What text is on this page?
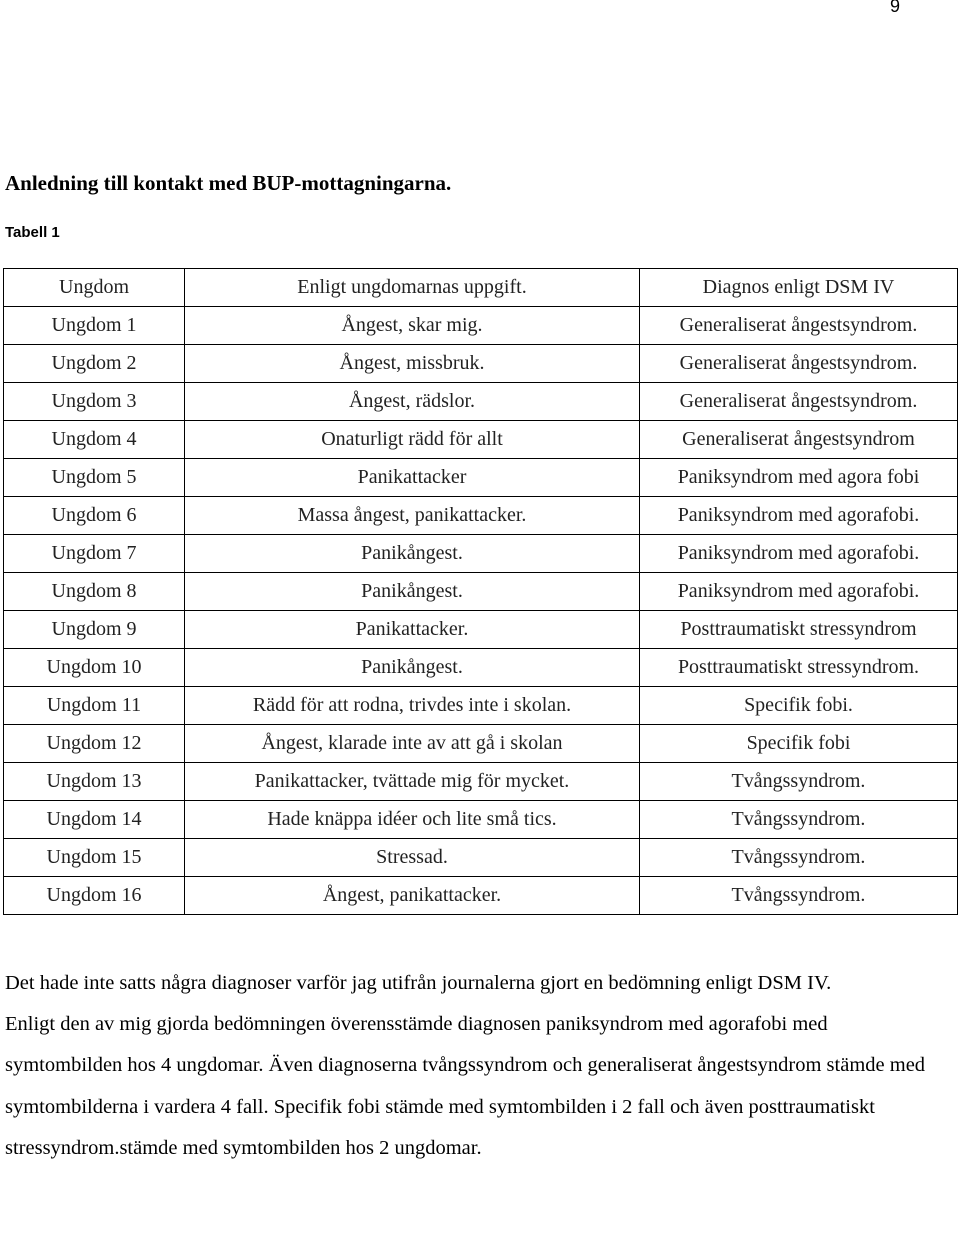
9
Anledning till kontakt med BUP-mottagningarna.
Tabell 1
Ungdom	Enligt ungdomarnas uppgift.	Diagnos enligt DSM IV
Ungdom 1	Ångest, skar mig.	Generaliserat ångestsyndrom.
Ungdom 2	Ångest, missbruk.	Generaliserat ångestsyndrom.
Ungdom 3	Ångest, rädslor.	Generaliserat ångestsyndrom.
Ungdom 4	Onaturligt rädd för allt	Generaliserat ångestsyndrom
Ungdom 5	Panikattacker	Paniksyndrom med agora fobi
Ungdom 6	Massa ångest, panikattacker.	Paniksyndrom med agorafobi.
Ungdom 7	Panikångest.	Paniksyndrom med agorafobi.
Ungdom 8	Panikångest.	Paniksyndrom med agorafobi.
Ungdom 9	Panikattacker.	Posttraumatiskt stressyndrom
Ungdom 10	Panikångest.	Posttraumatiskt stressyndrom.
Ungdom 11	Rädd för att rodna, trivdes inte i skolan.	Specifik fobi.
Ungdom 12	Ångest, klarade inte av att gå i skolan	Specifik fobi
Ungdom 13	Panikattacker, tvättade mig för mycket.	Tvångssyndrom.
Ungdom 14	Hade knäppa idéer och lite små tics.	Tvångssyndrom.
Ungdom 15	Stressad.	Tvångssyndrom.
Ungdom 16	Ångest, panikattacker.	Tvångssyndrom.

Det hade inte satts några diagnoser varför jag utifrån journalerna gjort en bedömning enligt DSM IV.

Enligt den av mig gjorda bedömningen överensstämde diagnosen paniksyndrom med agorafobi med symtombilden hos 4 ungdomar. Även diagnoserna tvångssyndrom och generaliserat ångestsyndrom stämde med symtombilderna i vardera 4 fall. Specifik fobi stämde med symtombilden i 2 fall och även posttraumatiskt stressyndrom.stämde med symtombilden hos 2 ungdomar.
